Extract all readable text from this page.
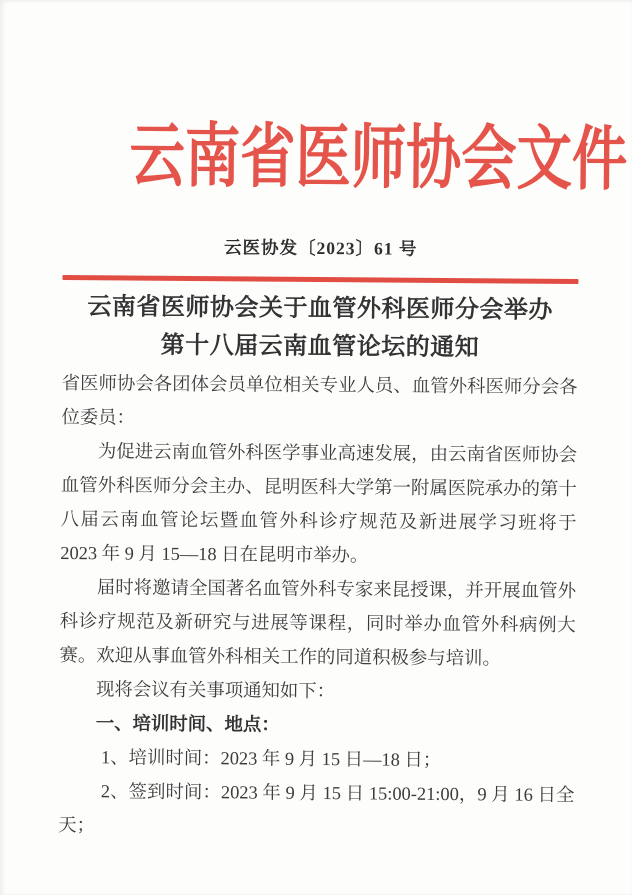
云南省医师协会文件
云医协发〔2023〕61 号
云南省医师协会关于血管外科医师分会举办
第十八届云南血管论坛的通知

省医师协会各团体会员单位相关专业人员、血管外科医师分会各位委员：

为促进云南血管外科医学事业高速发展，由云南省医师协会血管外科医师分会主办、昆明医科大学第一附属医院承办的第十八届云南血管论坛暨血管外科诊疗规范及新进展学习班将于 2023 年 9 月 15—18 日在昆明市举办。

届时将邀请全国著名血管外科专家来昆授课，并开展血管外科诊疗规范及新研究与进展等课程，同时举办血管外科病例大赛。欢迎从事血管外科相关工作的同道积极参与培训。

现将会议有关事项通知如下：

一、培训时间、地点：

1、培训时间：2023 年 9 月 15 日—18 日；

2、签到时间：2023 年 9 月 15 日 15:00-21:00，9 月 16 日全天；
